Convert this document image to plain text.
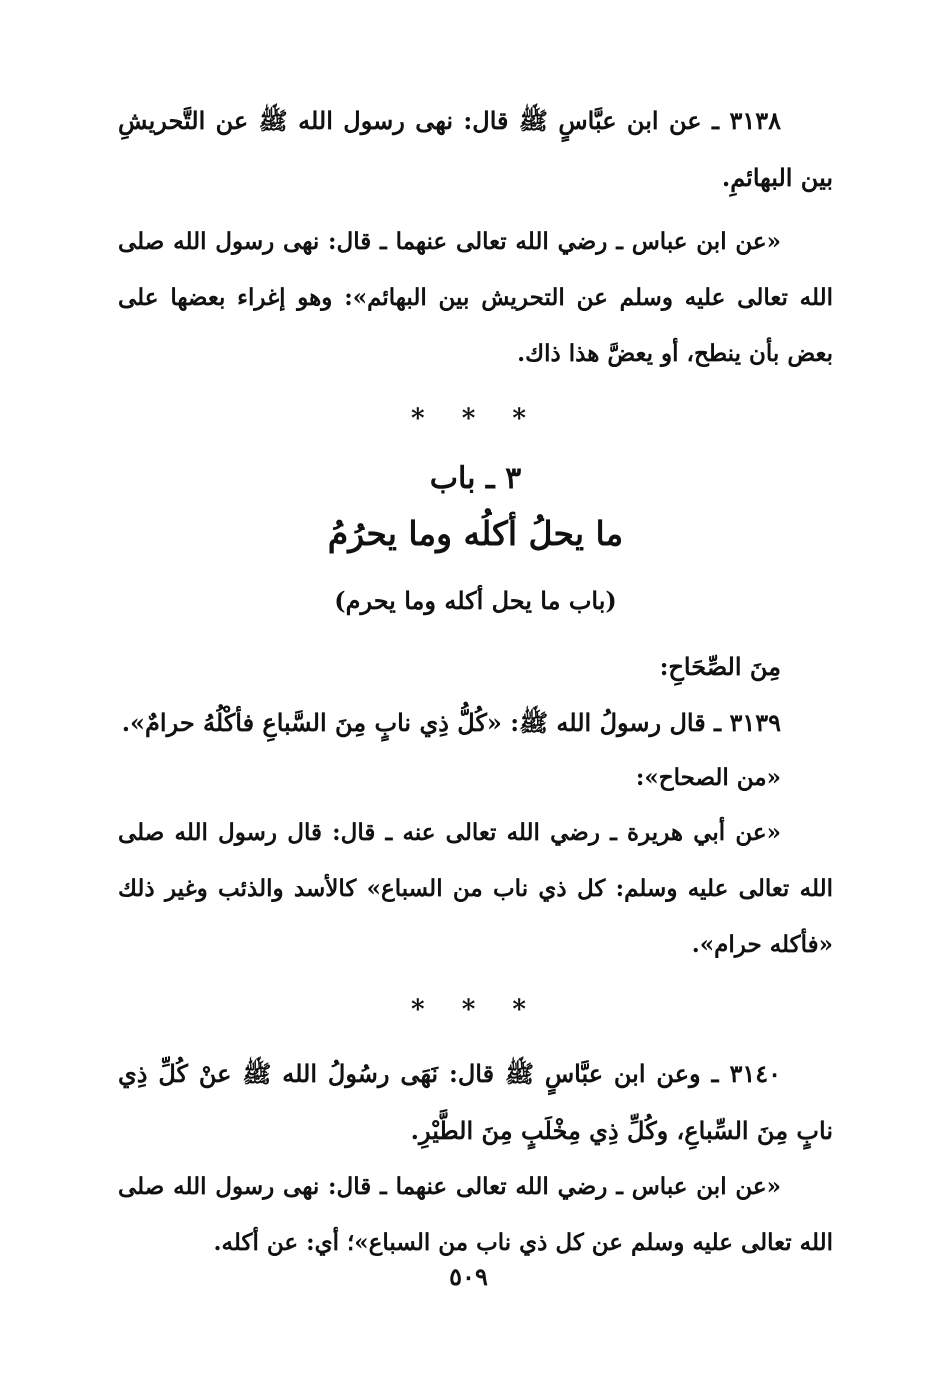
٣١٣٨ ـ عن ابن عبَّاسٍ ﷺ قال: نهى رسول الله ﷺ عن التَّحريشِ بين البهائمِ.

«عن ابن عباس ـ رضي الله تعالى عنهما ـ قال: نهى رسول الله صلى الله تعالى عليه وسلم عن التحريش بين البهائم»: وهو إغراء بعضها على بعض بأن ينطح، أو يعضَّ هذا ذاك.

* * *
٣ ـ باب
ما يحلُ أكلُه وما يحرُمُ
(باب ما يحل أكله وما يحرم)

مِنَ الصِّحَاحِ:

٣١٣٩ ـ قال رسولُ الله ﷺ: «كُلُّ ذِي نابٍ مِنَ السَّباعِ فأكْلُهُ حرامٌ».

«من الصحاح»:

«عن أبي هريرة ـ رضي الله تعالى عنه ـ قال: قال رسول الله صلى الله تعالى عليه وسلم: كل ذي ناب من السباع» كالأسد والذئب وغير ذلك «فأكله حرام».

* * *

٣١٤٠ ـ وعن ابن عبَّاسٍ ﷺ قال: نَهَى رسُولُ الله ﷺ عنْ كُلِّ ذِي نابٍ مِنَ السِّباعِ، وكُلِّ ذِي مِخْلَبٍ مِنَ الطَّيْرِ.

«عن ابن عباس ـ رضي الله تعالى عنهما ـ قال: نهى رسول الله صلى الله تعالى عليه وسلم عن كل ذي ناب من السباع»؛ أي: عن أكله.

٥٠٩
